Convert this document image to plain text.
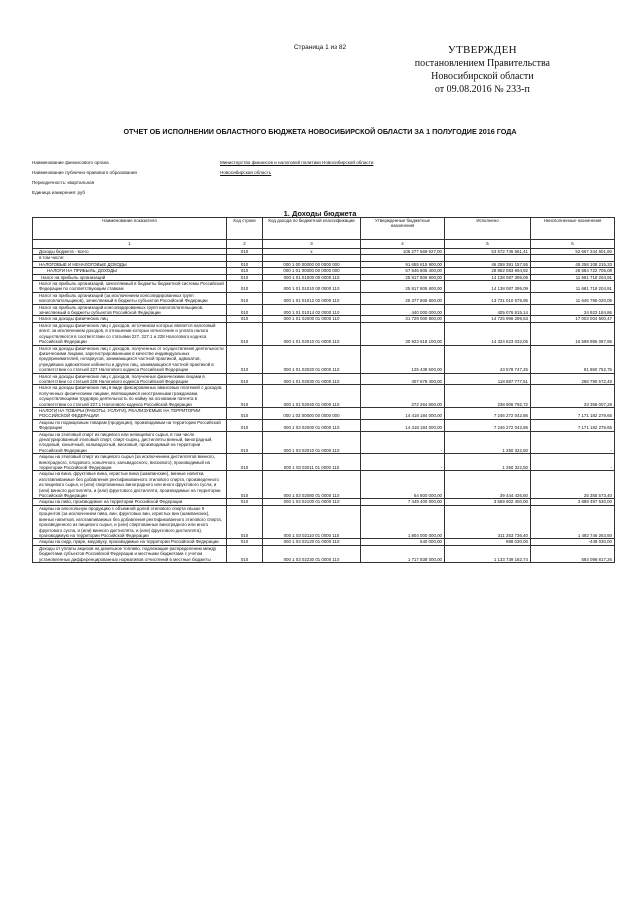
Страница 1 из 82	УТВЕРЖДЕН
постановлением Правительства
Новосибирской области
от 09.08.2016 № 233-п
ОТЧЕТ ОБ ИСПОЛНЕНИИ ОБЛАСТНОГО БЮДЖЕТА НОВОСИБИРСКОЙ ОБЛАСТИ ЗА 1 ПОЛУГОДИЕ 2016 ГОДА
Наименование финансового органа	Министерство финансов и налоговой политики Новосибирской области
Наименование публично-правового образования	Новосибирская область
Периодичность: квартальная
Единица измерения: руб
1. Доходы бюджета
Наименование показателя	Код строки	Код дохода по бюджетной классификации	Утвержденные бюджетные назначения	Исполнено	Неисполненные назначения
1	2	3	4	5	6
Доходы бюджета - всего	010	x	106 277 569 927,00	53 572 745 661,41	52 667 244 601,60
в том числе:					
НАЛОГОВЫЕ И НЕНАЛОГОВЫЕ ДОХОДЫ	010	000 1 00 00000 00 0000 000	91 655 615 900,00	46 259 391 157,55	45 258 108 215,33
НАЛОГИ НА ПРИБЫЛЬ, ДОХОДЫ	010	000 1 01 00000 00 0000 000	57 546 805 400,00	28 862 083 694,92	28 684 722 705,08
Налог на прибыль организаций	010	000 1 01 01000 00 0000 110	25 817 805 600,00	14 138 087 395,09	11 681 718 204,91
Налог на прибыль организаций, зачисляемый в бюджеты бюджетной системы Российской Федерации по соответствующим ставкам	010	000 1 01 01010 00 0000 110	25 817 805 600,00	14 138 087 395,09	11 681 718 204,91
Налог на прибыль организаций (за исключением консолидированных групп налогоплательщиков), зачисляемый в бюджеты субъектов Российской Федерации	010	000 1 01 01012 02 0000 110	25 377 805 600,00	13 731 010 579,95	11 646 795 020,05
Налог на прибыль организаций консолидированных групп налогоплательщиков, зачисляемый в бюджеты субъектов Российской Федерации	010	000 1 01 01014 02 0000 110	440 000 000,00	405 076 815,14	34 923 184,86
Налог на доходы физических лиц	010	000 1 01 02000 01 0000 110	31 729 000 800,00	14 725 996 299,53	17 003 004 500,47
Налог на доходы физических лиц с доходов, источником которых является налоговый агент, за исключением доходов, в отношении которых исчисление и уплата налога осуществляются в соответствии со статьями 227, 227.1 и 228 Налогового кодекса Российской Федерации	010	000 1 01 02010 01 0000 110	30 923 618 100,00	14 324 623 032,05	16 598 995 067,95
Налог на доходы физических лиц с доходов, полученных от осуществления деятельности физическими лицами, зарегистрированными в качестве индивидуальных предпринимателей, нотариусов, занимающихся частной практикой, адвокатов, учредивших адвокатские кабинеты и других лиц, занимающихся частной практикой в соответствии со статьей 227 Налогового кодекса Российской Федерации	010	000 1 01 02020 01 0000 110	125 439 500,00	43 578 747,25	81 860 752,75
Налог на доходы физических лиц с доходов, полученных физическими лицами в соответствии со статьей 228 Налогового кодекса Российской Федерации	010	000 1 01 02030 01 0000 110	407 678 400,00	118 887 777,51	288 790 572,49
Налог на доходы физических лиц в виде фиксированных авансовых платежей с доходов, полученных физическими лицами, являющимися иностранными гражданами, осуществляющими трудовую деятельность по найму на основании патента в соответствии со статьей 227.1 Налогового кодекса Российской Федерации	010	000 1 01 02040 01 0000 110	272 264 800,00	238 906 792,72	33 358 007,28
НАЛОГИ НА ТОВАРЫ (РАБОТЫ, УСЛУГИ), РЕАЛИЗУЕМЫЕ НА ТЕРРИТОРИИ РОССИЙСКОЙ ФЕДЕРАЦИИ	010	000 1 03 00000 00 0000 000	14 418 184 000,00	7 246 272 042,86	7 171 182 279,65
Акцизы по подакцизным товарам (продукции), производимым на территории Российской Федерации	010	000 1 03 02000 01 0000 110	14 418 184 000,00	7 246 272 042,86	7 171 182 279,65
Акцизы на этиловый спирт из пищевого или непищевого сырья, в том числе денатурированный этиловый спирт, спирт-сырец, дистилляты винный, виноградный, плодовый, коньячный, кальвадосный, висковый, производимый на территории Российской Федерации	010	000 1 03 02010 01 0000 110	-	1 250 322,50	-
Акцизы на этиловый спирт из пищевого сырья (за исключением дистиллятов винного, виноградного, плодового, коньячного, кальвадосного, вискового), производимый на территории Российской Федерации	010	000 1 03 02011 01 0000 110	-	1 250 322,50	-
Акцизы на вина, фруктовые вина, игристые вина (шампанские), винные напитки, изготавливаемые без добавления ректификованного этилового спирта, произведенного из пищевого сырья, и (или) спиртованных виноградного или иного фруктового сусла, и (или) винного дистиллята, и (или) фруктового дистиллята, производимые на территории Российской Федерации	010	000 1 03 02080 01 0000 110	64 800 000,00	39 444 426,60	25 355 573,40
Акцизы на пиво, производимое на территории Российской Федерации	010	000 1 03 02100 01 0000 110	7 449 400 000,00	3 559 902 400,00	3 889 497 530,00
Акцизы на алкогольную продукцию с объемной долей этилового спирта свыше 9 процентов (за исключением пива, вин, фруктовых вин, игристых вин (шампанских), винных напитков, изготавливаемых без добавления ректификованного этилового спирта, произведенного из пищевого сырья, и (или) спиртованных виноградного или иного фруктового сусла, и (или) винного дистиллята, и (или) фруктового дистиллята), производимую на территории Российской Федерации	010	000 1 03 02110 01 0000 110	1 804 000 000,00	311 253 736,40	1 492 746 263,60
Акцизы на сидр, пуаре, медовуху, производимые на территории Российской Федерации	010	000 1 03 02120 01 0000 110	540 000,00	988 030,00	-448 030,00
Доходы от уплаты акцизов на дизельное топливо, подлежащие распределению между бюджетами субъектов Российской Федерации и местными бюджетами с учетом установленных дифференцированных нормативов отчислений в местные бюджеты	010	000 1 03 02230 01 0000 110	1 717 838 000,00	1 133 739 182,74	584 098 817,26
